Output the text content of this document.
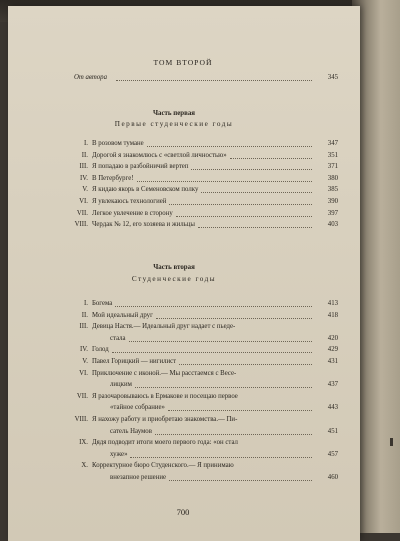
ТОМ ВТОРОЙ
От автора	345
Часть первая
Первые студенческие годы
I. В розовом тумане	347
II. Дорогой я знакомлюсь с «светлой личностью»	351
III. Я попадаю в разбойничий вертеп	371
IV. В Петербурге!	380
V. Я кидаю якорь в Семеновском полку	385
VI. Я увлекаюсь технологией	390
VII. Легкое увлечение в сторону	397
VIII. Чердак № 12, его хозяева и жильцы	403
Часть вторая
Студенческие годы
I. Богема	413
II. Мой идеальный друг	418
III. Девица Настя.— Идеальный друг надает с пьеде-
стала	420
IV. Голод	429
V. Павел Горицкий — нигилист	431
VI. Приключение с иконой.— Мы расстаемся с Весе-
лицким	437
VII. Я разочаровываюсь в Ермакове и посещаю первое
«тайное собрание»	443
VIII. Я нахожу работу и приобретаю знакомства.— Пи-
сатель Наумов	451
IX. Дядя подводит итоги моего первого года: «он стал
хуже»	457
X. Корректурное бюро Студенского.— Я принимаю
внезапное решение	460
700
